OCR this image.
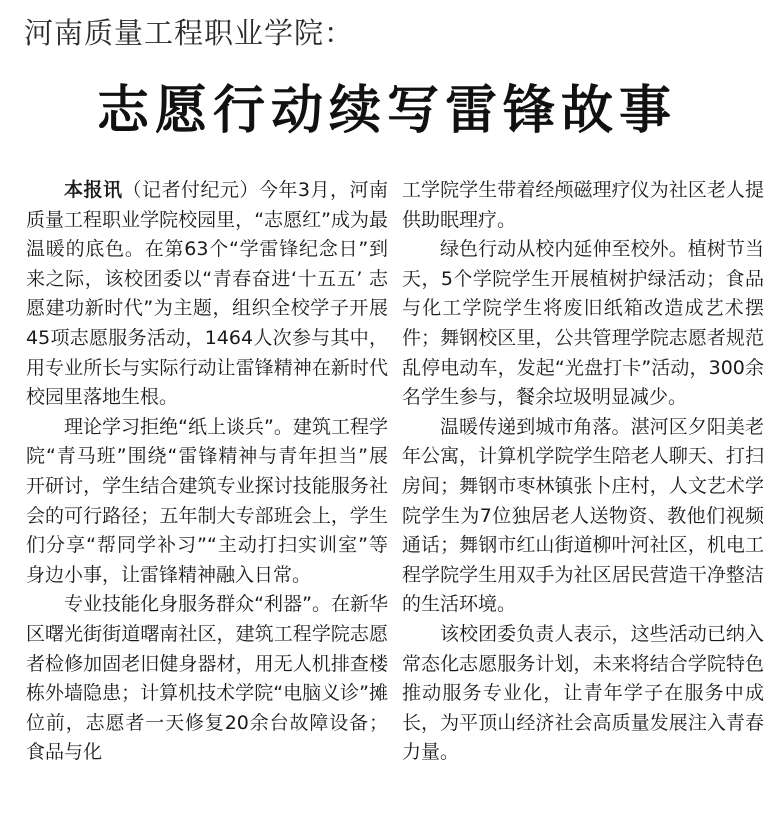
河南质量工程职业学院：
志愿行动续写雷锋故事

本报讯（记者付纪元）今年3月，河南质量工程职业学院校园里，“志愿红”成为最温暖的底色。在第63个“学雷锋纪念日”到来之际，该校团委以“青春奋进‘十五五’ 志愿建功新时代”为主题，组织全校学子开展45项志愿服务活动，1464人次参与其中，用专业所长与实际行动让雷锋精神在新时代校园里落地生根。

理论学习拒绝“纸上谈兵”。建筑工程学院“青马班”围绕“雷锋精神与青年担当”展开研讨，学生结合建筑专业探讨技能服务社会的可行路径；五年制大专部班会上，学生们分享“帮同学补习”“主动打扫实训室”等身边小事，让雷锋精神融入日常。

专业技能化身服务群众“利器”。在新华区曙光街街道曙南社区，建筑工程学院志愿者检修加固老旧健身器材，用无人机排查楼栋外墙隐患；计算机技术学院“电脑义诊”摊位前，志愿者一天修复20余台故障设备；食品与化

工学院学生带着经颅磁理疗仪为社区老人提供助眠理疗。

绿色行动从校内延伸至校外。植树节当天，5个学院学生开展植树护绿活动；食品与化工学院学生将废旧纸箱改造成艺术摆件；舞钢校区里，公共管理学院志愿者规范乱停电动车，发起“光盘打卡”活动，300余名学生参与，餐余垃圾明显减少。

温暖传递到城市角落。湛河区夕阳美老年公寓，计算机学院学生陪老人聊天、打扫房间；舞钢市枣林镇张卜庄村，人文艺术学院学生为7位独居老人送物资、教他们视频通话；舞钢市红山街道柳叶河社区，机电工程学院学生用双手为社区居民营造干净整洁的生活环境。

该校团委负责人表示，这些活动已纳入常态化志愿服务计划，未来将结合学院特色推动服务专业化，让青年学子在服务中成长，为平顶山经济社会高质量发展注入青春力量。
